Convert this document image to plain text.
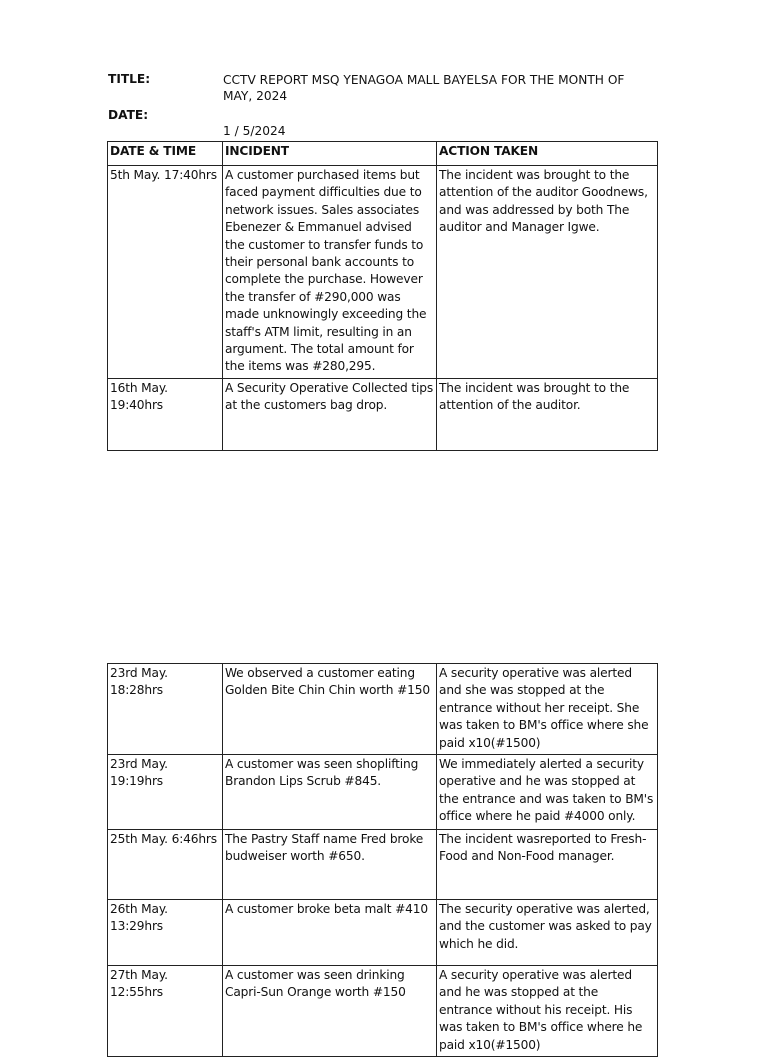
TITLE:	CCTV REPORT MSQ YENAGOA MALL BAYELSA FOR THE MONTH OF MAY, 2024
DATE:
1 / 5/2024
DATE & TIME	INCIDENT	ACTION TAKEN
5th May. 17:40hrs	A customer purchased items but faced payment difficulties due to network issues. Sales associates Ebenezer & Emmanuel advised the customer to transfer funds to their personal bank accounts to complete the purchase. However the transfer of #290,000 was made unknowingly exceeding the staff's ATM limit, resulting in an argument. The total amount for the items was #280,295.	The incident was brought to the attention of the auditor Goodnews, and was addressed by both The auditor and Manager Igwe.
16th May. 19:40hrs	A Security Operative Collected tips at the customers bag drop.	The incident was brought to the attention of the auditor.
23rd May. 18:28hrs	We observed a customer eating Golden Bite Chin Chin worth #150	A security operative was alerted and she was stopped at the entrance without her receipt. She was taken to BM's office where she paid x10(#1500)
23rd May. 19:19hrs	A customer was seen shoplifting Brandon Lips Scrub #845.	We immediately alerted a security operative and he was stopped at the entrance and was taken to BM's office where he paid #4000 only.
25th May. 6:46hrs	The Pastry Staff name Fred broke budweiser worth #650.	The incident wasreported to Fresh-Food and Non-Food manager.
26th May. 13:29hrs	A customer broke beta malt #410	The security operative was alerted, and the customer was asked to pay which he did.
27th May. 12:55hrs	A customer was seen drinking Capri-Sun Orange worth #150	A security operative was alerted and he was stopped at the entrance without his receipt. His was taken to BM's office where he paid x10(#1500)
